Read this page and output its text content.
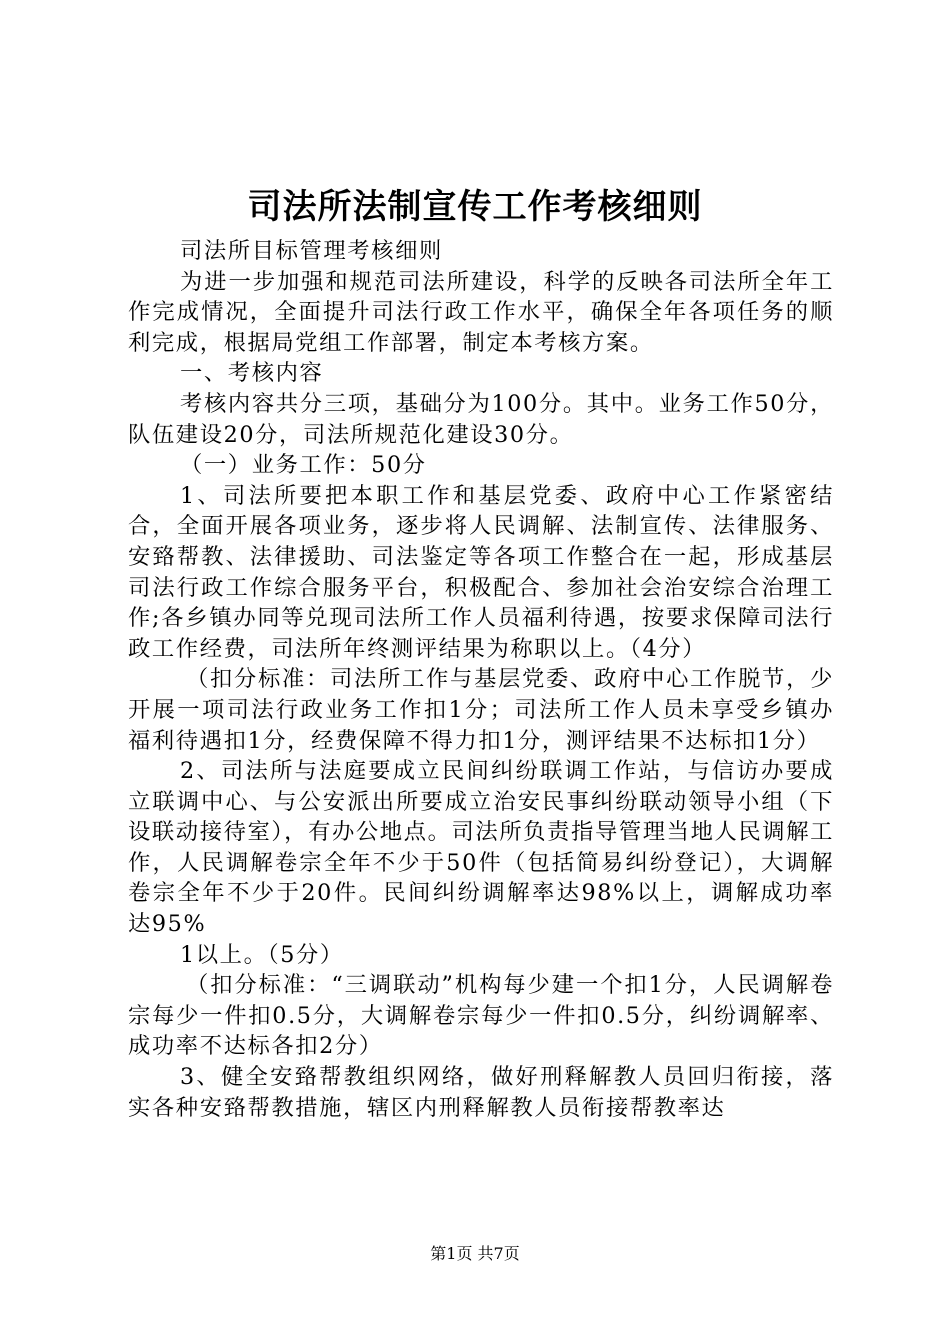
司法所法制宣传工作考核细则

司法所目标管理考核细则

为进一步加强和规范司法所建设，科学的反映各司法所全年工作完成情况，全面提升司法行政工作水平，确保全年各项任务的顺利完成，根据局党组工作部署，制定本考核方案。

一、考核内容

考核内容共分三项，基础分为100分。其中。业务工作50分，队伍建设20分，司法所规范化建设30分。

（一）业务工作：50分

1、司法所要把本职工作和基层党委、政府中心工作紧密结合，全面开展各项业务，逐步将人民调解、法制宣传、法律服务、安臵帮教、法律援助、司法鉴定等各项工作整合在一起，形成基层司法行政工作综合服务平台，积极配合、参加社会治安综合治理工作;各乡镇办同等兑现司法所工作人员福利待遇，按要求保障司法行政工作经费，司法所年终测评结果为称职以上。（4分）

（扣分标准：司法所工作与基层党委、政府中心工作脱节，少开展一项司法行政业务工作扣1分；司法所工作人员未享受乡镇办福利待遇扣1分，经费保障不得力扣1分，测评结果不达标扣1分）

2、司法所与法庭要成立民间纠纷联调工作站，与信访办要成立联调中心、与公安派出所要成立治安民事纠纷联动领导小组（下设联动接待室），有办公地点。司法所负责指导管理当地人民调解工作，人民调解卷宗全年不少于50件（包括简易纠纷登记），大调解卷宗全年不少于20件。民间纠纷调解率达98%以上，调解成功率达95%

1以上。（5分）

（扣分标准：“三调联动”机构每少建一个扣1分，人民调解卷宗每少一件扣0.5分，大调解卷宗每少一件扣0.5分，纠纷调解率、成功率不达标各扣2分）

3、健全安臵帮教组织网络，做好刑释解教人员回归衔接，落实各种安臵帮教措施，辖区内刑释解教人员衔接帮教率达

第1页 共7页
